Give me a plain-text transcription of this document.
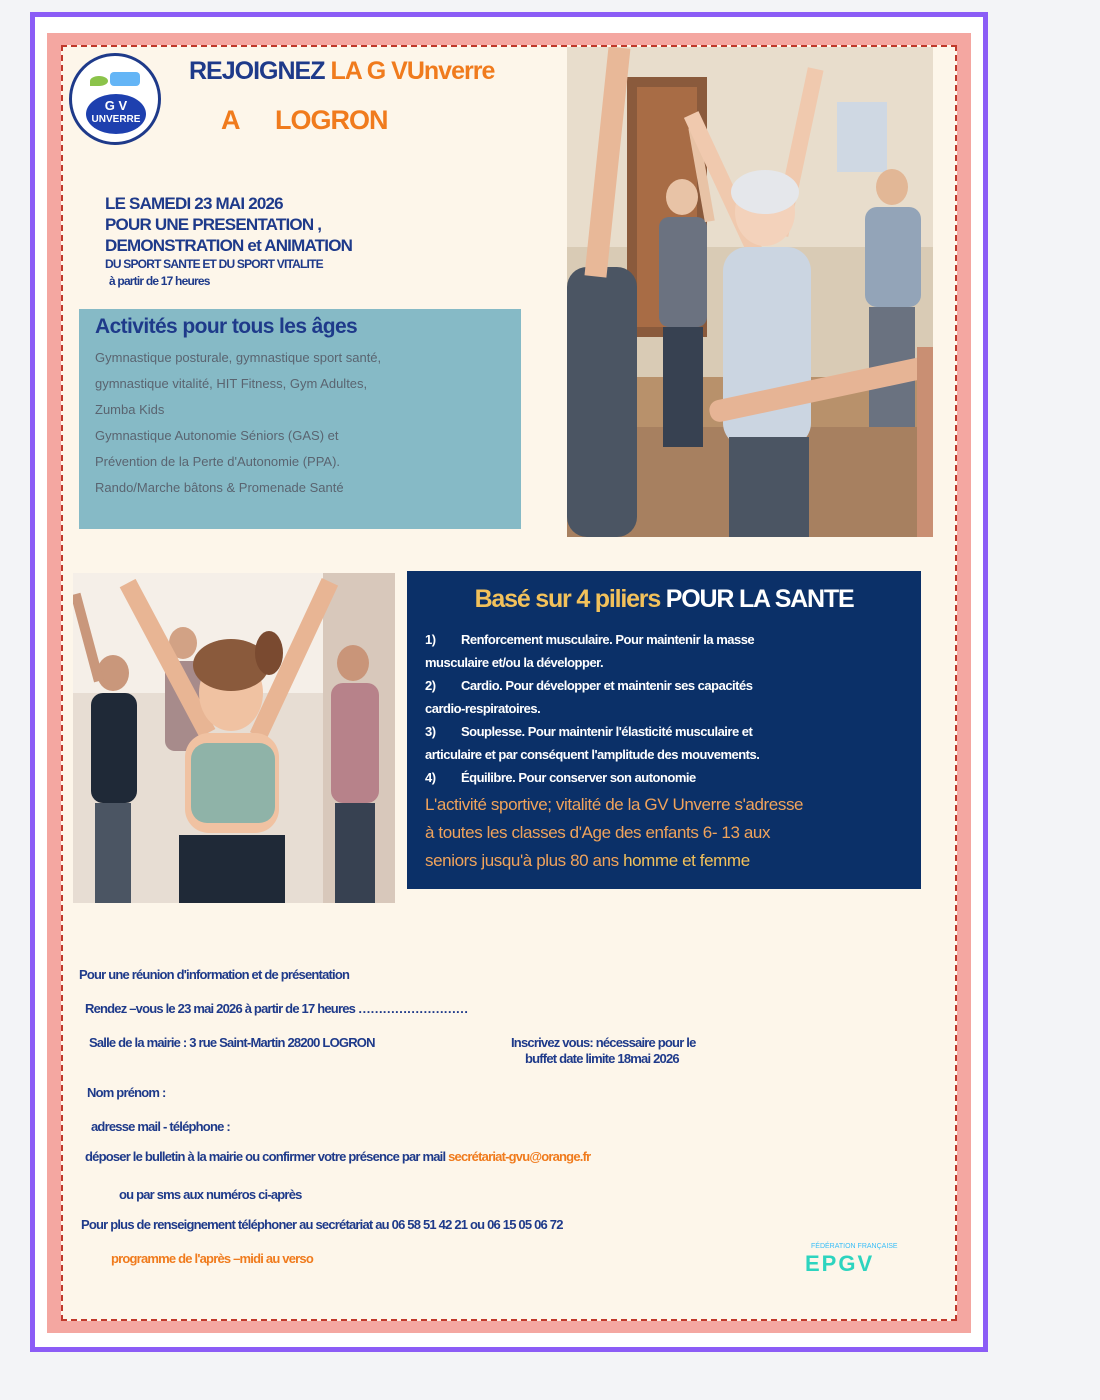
G V
UNVERRE
REJOIGNEZ LA G VUnverre
A LOGRON
LE SAMEDI 23 MAI 2026
POUR UNE PRESENTATION ,
DEMONSTRATION et ANIMATION
DU SPORT SANTE ET DU SPORT VITALITE
à partir de 17 heures
Activités pour tous les âges
Gymnastique posturale, gymnastique sport santé,
gymnastique vitalité, HIT Fitness, Gym Adultes,
Zumba Kids
Gymnastique Autonomie Séniors (GAS) et
Prévention de la Perte d'Autonomie (PPA).
Rando/Marche bâtons & Promenade Santé
Basé sur 4 piliers POUR LA SANTE
1) Renforcement musculaire. Pour maintenir la masse
musculaire et/ou la développer.
2) Cardio. Pour développer et maintenir ses capacités
cardio-respiratoires.
3) Souplesse. Pour maintenir l'élasticité musculaire et
articulaire et par conséquent l'amplitude des mouvements.
4) Équilibre. Pour conserver son autonomie
L'activité sportive; vitalité de la GV Unverre s'adresse
à toutes les classes d'Age des enfants 6- 13 aux
seniors jusqu'à plus 80 ans homme et femme
Pour une réunion d'information et de présentation
Rendez –vous le 23 mai 2026 à partir de 17 heures ………………………
Salle de la mairie : 3 rue Saint-Martin 28200 LOGRON	Inscrivez vous: nécessaire pour le
buffet date limite 18mai 2026
Nom prénom :
adresse mail - téléphone :
déposer le bulletin à la mairie ou confirmer votre présence par mail secrétariat-gvu@orange.fr
ou par sms aux numéros ci-après
Pour plus de renseignement téléphoner au secrétariat au 06 58 51 42 21 ou 06 15 05 06 72
programme de l'après –midi au verso
FÉDÉRATION FRANÇAISE
EPGV
